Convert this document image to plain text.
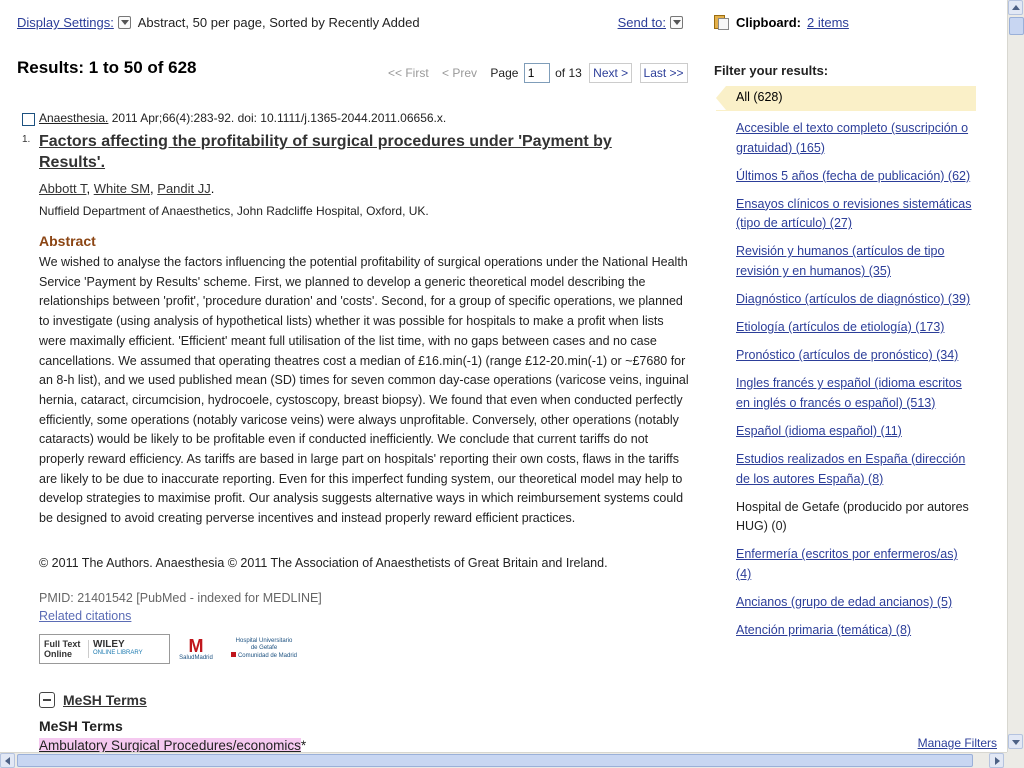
Display Settings: Abstract, 50 per page, Sorted by Recently Added	Send to:
Results: 1 to 50 of 628	<< First < Prev Page 1	of 13 Next > Last >>
1.
Anaesthesia. 2011 Apr;66(4):283-92. doi: 10.1111/j.1365-2044.2011.06656.x.
Factors affecting the profitability of surgical procedures under 'Payment by Results'.
Abbott T, White SM, Pandit JJ.
Nuffield Department of Anaesthetics, John Radcliffe Hospital, Oxford, UK.
Abstract
We wished to analyse the factors influencing the potential profitability of surgical operations under the National Health Service 'Payment by Results' scheme. First, we planned to develop a generic theoretical model describing the relationships between 'profit', 'procedure duration' and 'costs'. Second, for a group of specific operations, we planned to investigate (using analysis of hypothetical lists) whether it was possible for hospitals to make a profit when lists were maximally efficient. 'Efficient' meant full utilisation of the list time, with no gaps between cases and no case cancellations. We assumed that operating theatres cost a median of £16.min(-1) (range £12-20.min(-1) or ~£7680 for an 8-h list), and we used published mean (SD) times for seven common day-case operations (varicose veins, inguinal hernia, cataract, circumcision, hydrocoele, cystoscopy, breast biopsy). We found that even when conducted perfectly efficiently, some operations (notably varicose veins) were always unprofitable. Conversely, other operations (notably cataracts) would be likely to be profitable even if conducted inefficiently. We conclude that current tariffs do not properly reward efficiency. As tariffs are based in large part on hospitals' reporting their own costs, flaws in the tariffs are likely to be due to inaccurate reporting. Even for this imperfect funding system, our theoretical model may help to develop strategies to maximise profit. Our analysis suggests alternative ways in which reimbursement systems could be designed to avoid creating perverse incentives and instead properly reward efficient practices.
© 2011 The Authors. Anaesthesia © 2011 The Association of Anaesthetists of Great Britain and Ireland.
PMID: 21401542 [PubMed - indexed for MEDLINE]
Related citations
Full Text
Online
WILEY
ONLINE LIBRARY	M
SaludMadrid
Hospital Universitario
de Getafe
Comunidad de Madrid
MeSH Terms
MeSH Terms
Ambulatory Surgical Procedures/economics*
Clipboard: 2 items
Filter your results:
All (628)
Accesible el texto completo (suscripción o gratuidad) (165)
Últimos 5 años (fecha de publicación) (62)
Ensayos clínicos o revisiones sistemáticas (tipo de artículo) (27)
Revisión y humanos (artículos de tipo revisión y en humanos) (35)
Diagnóstico (artículos de diagnóstico) (39)
Etiología (artículos de etiología) (173)
Pronóstico (artículos de pronóstico) (34)
Ingles francés y español (idioma escritos en inglés o francés o español) (513)
Español (idioma español) (11)
Estudios realizados en España (dirección de los autores España) (8)
Hospital de Getafe (producido por autores HUG) (0)
Enfermería (escritos por enfermeros/as) (4)
Ancianos (grupo de edad ancianos) (5)
Atención primaria (temática) (8)
Manage Filters
